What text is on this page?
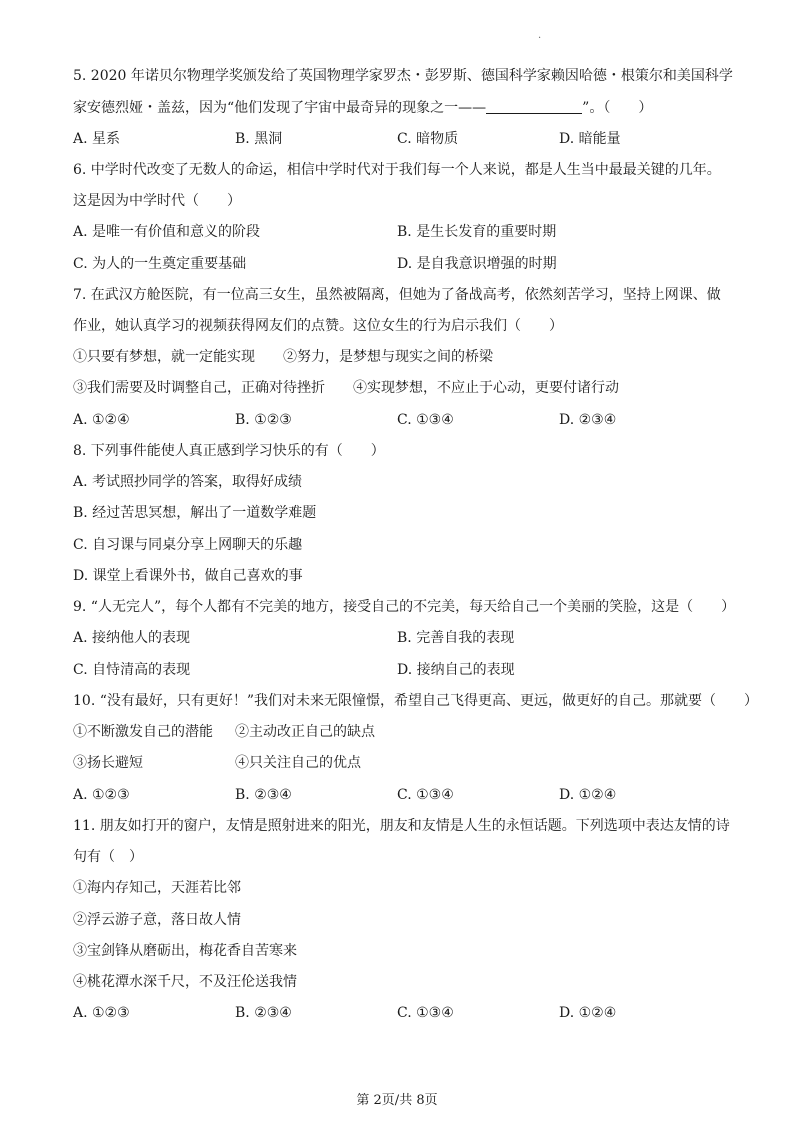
.
5. 2020 年诺贝尔物理学奖颁发给了英国物理学家罗杰・彭罗斯、德国科学家赖因哈德・根策尔和美国科学
家安德烈娅・盖兹，因为“他们发现了宇宙中最奇异的现象之一——	”。（　　）
A. 星系	B. 黑洞	C. 暗物质	D. 暗能量
6. 中学时代改变了无数人的命运，相信中学时代对于我们每一个人来说，都是人生当中最最关键的几年。
这是因为中学时代（　　）
A. 是唯一有价值和意义的阶段	B. 是生长发育的重要时期
C. 为人的一生奠定重要基础	D. 是自我意识增强的时期
7. 在武汉方舱医院，有一位高三女生，虽然被隔离，但她为了备战高考，依然刻苦学习，坚持上网课、做
作业，她认真学习的视频获得网友们的点赞。这位女生的行为启示我们（　　）
①只要有梦想，就一定能实现　　②努力，是梦想与现实之间的桥梁
③我们需要及时调整自己，正确对待挫折　　④实现梦想，不应止于心动，更要付诸行动
A. ①②④	B. ①②③	C. ①③④	D. ②③④
8. 下列事件能使人真正感到学习快乐的有（　　）
A. 考试照抄同学的答案，取得好成绩
B. 经过苦思冥想，解出了一道数学难题
C. 自习课与同桌分享上网聊天的乐趣
D. 课堂上看课外书，做自己喜欢的事
9. “人无完人”，每个人都有不完美的地方，接受自己的不完美，每天给自己一个美丽的笑脸，这是（　　）
A. 接纳他人的表现	B. 完善自我的表现
C. 自恃清高的表现	D. 接纳自己的表现
10. “没有最好，只有更好！”我们对未来无限憧憬，希望自己飞得更高、更远，做更好的自己。那就要（　　）
①不断激发自己的潜能 ②主动改正自己的缺点
③扬长避短	④只关注自己的优点
A. ①②③	B. ②③④	C. ①③④	D. ①②④
11. 朋友如打开的窗户，友情是照射进来的阳光，朋友和友情是人生的永恒话题。下列选项中表达友情的诗
句有（　）
①海内存知己，天涯若比邻
②浮云游子意，落日故人情
③宝剑锋从磨砺出，梅花香自苦寒来
④桃花潭水深千尺，不及汪伦送我情
A. ①②③	B. ②③④	C. ①③④	D. ①②④
第 2页/共 8页
